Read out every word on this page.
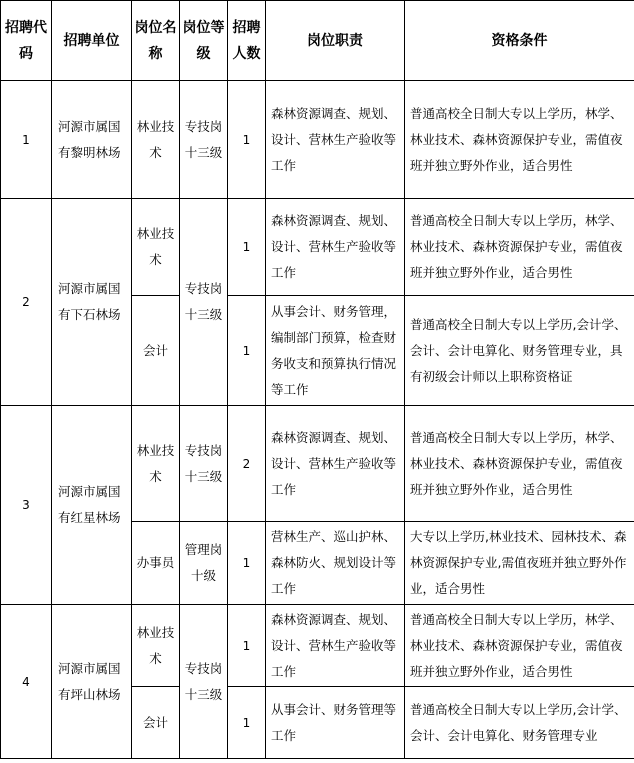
招聘代码	招聘单位	岗位名称	岗位等级	招聘人数	岗位职责	资格条件
1	河源市属国有黎明林场	林业技术	专技岗十三级	1	森林资源调查、规划、设计、营林生产验收等工作	普通高校全日制大专以上学历，林学、林业技术、森林资源保护专业，需值夜班并独立野外作业，适合男性
2	河源市属国有下石林场	林业技术	专技岗十三级	1	森林资源调查、规划、设计、营林生产验收等工作	普通高校全日制大专以上学历，林学、林业技术、森林资源保护专业，需值夜班并独立野外作业，适合男性
		会计		1	从事会计、财务管理，编制部门预算，检查财务收支和预算执行情况等工作	普通高校全日制大专以上学历,会计学、会计、会计电算化、财务管理专业，具有初级会计师以上职称资格证
3	河源市属国有红星林场	林业技术	专技岗十三级	2	森林资源调查、规划、设计、营林生产验收等工作	普通高校全日制大专以上学历，林学、林业技术、森林资源保护专业，需值夜班并独立野外作业，适合男性
		办事员	管理岗十级	1	营林生产、巡山护林、森林防火、规划设计等工作	大专以上学历,林业技术、园林技术、森林资源保护专业,需值夜班并独立野外作业，适合男性
4	河源市属国有坪山林场	林业技术	专技岗十三级	1	森林资源调查、规划、设计、营林生产验收等工作	普通高校全日制大专以上学历，林学、林业技术、森林资源保护专业，需值夜班并独立野外作业，适合男性
		会计		1	从事会计、财务管理等工作	普通高校全日制大专以上学历,会计学、会计、会计电算化、财务管理专业
